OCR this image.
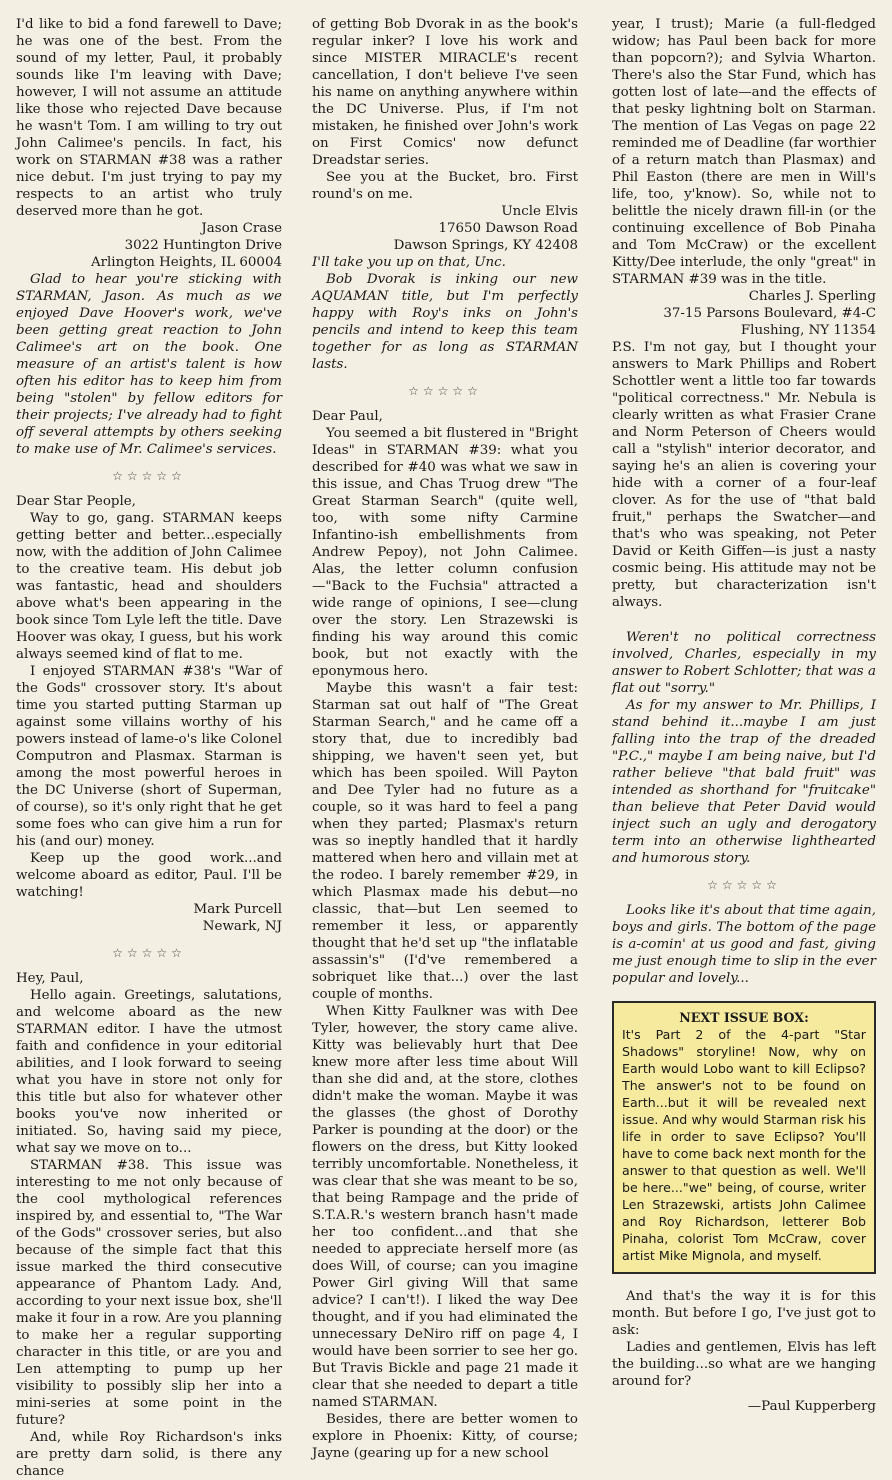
I'd like to bid a fond farewell to Dave; he was one of the best. From the sound of my letter, Paul, it probably sounds like I'm leaving with Dave; however, I will not assume an attitude like those who rejected Dave because he wasn't Tom. I am willing to try out John Calimee's pencils. In fact, his work on STARMAN #38 was a rather nice debut. I'm just trying to pay my respects to an artist who truly deserved more than he got.

Jason Crase
3022 Huntington Drive
Arlington Heights, IL 60004

Glad to hear you're sticking with STARMAN, Jason. As much as we enjoyed Dave Hoover's work, we've been getting great reaction to John Calimee's art on the book. One measure of an artist's talent is how often his editor has to keep him from being "stolen" by fellow editors for their projects; I've already had to fight off several attempts by others seeking to make use of Mr. Calimee's services.

☆☆☆☆☆

Dear Star People,

Way to go, gang. STARMAN keeps getting better and better...especially now, with the addition of John Calimee to the creative team. His debut job was fantastic, head and shoulders above what's been appearing in the book since Tom Lyle left the title. Dave Hoover was okay, I guess, but his work always seemed kind of flat to me.

I enjoyed STARMAN #38's "War of the Gods" crossover story. It's about time you started putting Starman up against some villains worthy of his powers instead of lame-o's like Colonel Computron and Plasmax. Starman is among the most powerful heroes in the DC Universe (short of Superman, of course), so it's only right that he get some foes who can give him a run for his (and our) money.

Keep up the good work...and welcome aboard as editor, Paul. I'll be watching!

Mark Purcell
Newark, NJ
☆☆☆☆☆

Hey, Paul,

Hello again. Greetings, salutations, and welcome aboard as the new STARMAN editor. I have the utmost faith and confidence in your editorial abilities, and I look forward to seeing what you have in store not only for this title but also for whatever other books you've now inherited or initiated. So, having said my piece, what say we move on to...

STARMAN #38. This issue was interesting to me not only because of the cool mythological references inspired by, and essential to, "The War of the Gods" crossover series, but also because of the simple fact that this issue marked the third consecutive appearance of Phantom Lady. And, according to your next issue box, she'll make it four in a row. Are you planning to make her a regular supporting character in this title, or are you and Len attempting to pump up her visibility to possibly slip her into a mini-series at some point in the future?

And, while Roy Richardson's inks are pretty darn solid, is there any chance

of getting Bob Dvorak in as the book's regular inker? I love his work and since MISTER MIRACLE's recent cancellation, I don't believe I've seen his name on anything anywhere within the DC Universe. Plus, if I'm not mistaken, he finished over John's work on First Comics' now defunct Dreadstar series.

See you at the Bucket, bro. First round's on me.

Uncle Elvis
17650 Dawson Road
Dawson Springs, KY 42408

I'll take you up on that, Unc.

Bob Dvorak is inking our new AQUAMAN title, but I'm perfectly happy with Roy's inks on John's pencils and intend to keep this team together for as long as STARMAN lasts.

☆☆☆☆☆

Dear Paul,

You seemed a bit flustered in "Bright Ideas" in STARMAN #39: what you described for #40 was what we saw in this issue, and Chas Truog drew "The Great Starman Search" (quite well, too, with some nifty Carmine Infantino-ish embellishments from Andrew Pepoy), not John Calimee. Alas, the letter column confusion—"Back to the Fuchsia" attracted a wide range of opinions, I see—clung over the story. Len Strazewski is finding his way around this comic book, but not exactly with the eponymous hero.

Maybe this wasn't a fair test: Starman sat out half of "The Great Starman Search," and he came off a story that, due to incredibly bad shipping, we haven't seen yet, but which has been spoiled. Will Payton and Dee Tyler had no future as a couple, so it was hard to feel a pang when they parted; Plasmax's return was so ineptly handled that it hardly mattered when hero and villain met at the rodeo. I barely remember #29, in which Plasmax made his debut—no classic, that—but Len seemed to remember it less, or apparently thought that he'd set up "the inflatable assassin's" (I'd've remembered a sobriquet like that...) over the last couple of months.

When Kitty Faulkner was with Dee Tyler, however, the story came alive. Kitty was believably hurt that Dee knew more after less time about Will than she did and, at the store, clothes didn't make the woman. Maybe it was the glasses (the ghost of Dorothy Parker is pounding at the door) or the flowers on the dress, but Kitty looked terribly uncomfortable. Nonetheless, it was clear that she was meant to be so, that being Rampage and the pride of S.T.A.R.'s western branch hasn't made her too confident...and that she needed to appreciate herself more (as does Will, of course; can you imagine Power Girl giving Will that same advice? I can't!). I liked the way Dee thought, and if you had eliminated the unnecessary DeNiro riff on page 4, I would have been sorrier to see her go. But Travis Bickle and page 21 made it clear that she needed to depart a title named STARMAN.

Besides, there are better women to explore in Phoenix: Kitty, of course; Jayne (gearing up for a new school

year, I trust); Marie (a full-fledged widow; has Paul been back for more than popcorn?); and Sylvia Wharton. There's also the Star Fund, which has gotten lost of late—and the effects of that pesky lightning bolt on Starman. The mention of Las Vegas on page 22 reminded me of Deadline (far worthier of a return match than Plasmax) and Phil Easton (there are men in Will's life, too, y'know). So, while not to belittle the nicely drawn fill-in (or the continuing excellence of Bob Pinaha and Tom McCraw) or the excellent Kitty/Dee interlude, the only "great" in STARMAN #39 was in the title.

Charles J. Sperling
37-15 Parsons Boulevard, #4-C
Flushing, NY 11354

P.S. I'm not gay, but I thought your answers to Mark Phillips and Robert Schottler went a little too far towards "political correctness." Mr. Nebula is clearly written as what Frasier Crane and Norm Peterson of Cheers would call a "stylish" interior decorator, and saying he's an alien is covering your hide with a corner of a four-leaf clover. As for the use of "that bald fruit," perhaps the Swatcher—and that's who was speaking, not Peter David or Keith Giffen—is just a nasty cosmic being. His attitude may not be pretty, but characterization isn't always.

Weren't no political correctness involved, Charles, especially in my answer to Robert Schlotter; that was a flat out "sorry."

As for my answer to Mr. Phillips, I stand behind it...maybe I am just falling into the trap of the dreaded "P.C.," maybe I am being naive, but I'd rather believe "that bald fruit" was intended as shorthand for "fruitcake" than believe that Peter David would inject such an ugly and derogatory term into an otherwise lighthearted and humorous story.

☆☆☆☆☆

Looks like it's about that time again, boys and girls. The bottom of the page is a-comin' at us good and fast, giving me just enough time to slip in the ever popular and lovely...

NEXT ISSUE BOX:
It's Part 2 of the 4-part "Star Shadows" storyline! Now, why on Earth would Lobo want to kill Eclipso? The answer's not to be found on Earth...but it will be revealed next issue. And why would Starman risk his life in order to save Eclipso? You'll have to come back next month for the answer to that question as well. We'll be here..."we" being, of course, writer Len Strazewski, artists John Calimee and Roy Richardson, letterer Bob Pinaha, colorist Tom McCraw, cover artist Mike Mignola, and myself.

And that's the way it is for this month. But before I go, I've just got to ask:

Ladies and gentlemen, Elvis has left the building...so what are we hanging around for?

—Paul Kupperberg
